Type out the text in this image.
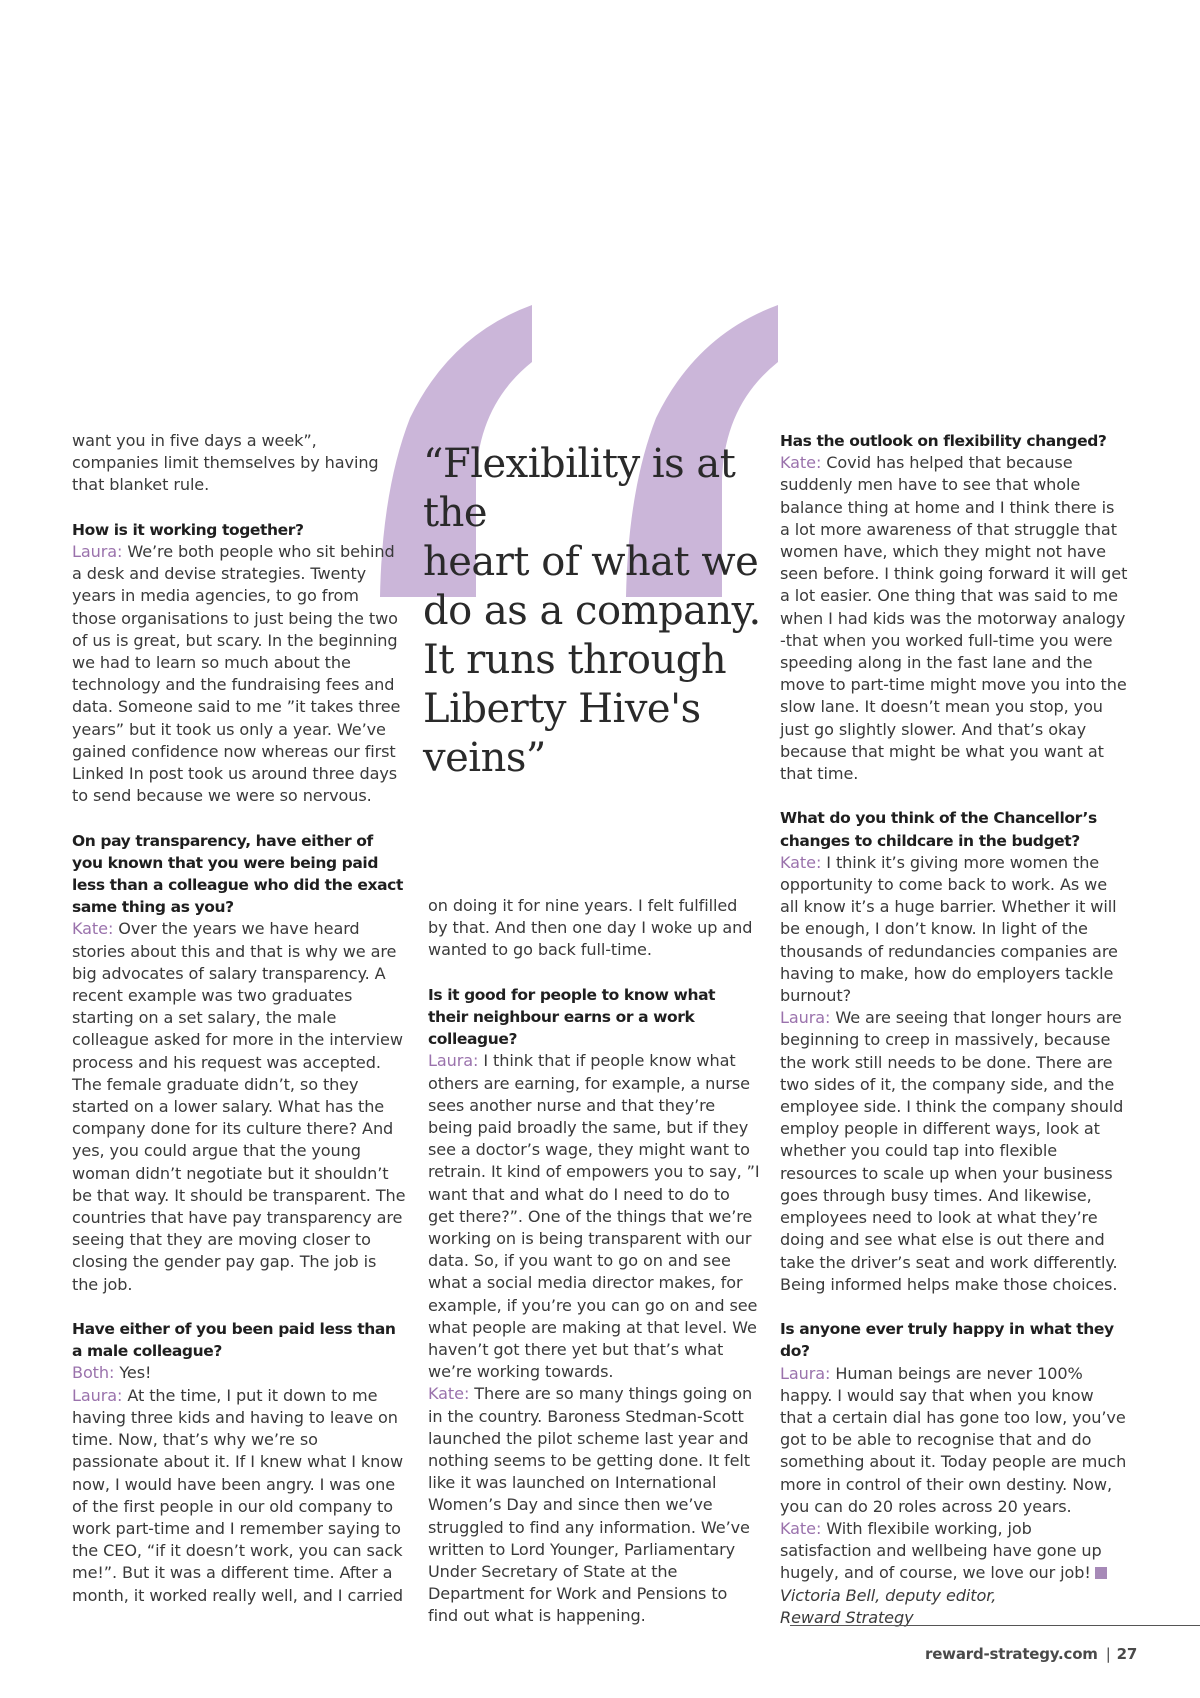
“Flexibility is at the
heart of what we
do as a company.
It runs through
Liberty Hive's veins”

want you in five days a week”, companies limit themselves by having that blanket rule.

How is it working together?

Laura: We’re both people who sit behind a desk and devise strategies. Twenty years in media agencies, to go from those organisations to just being the two of us is great, but scary. In the beginning we had to learn so much about the technology and the fundraising fees and data. Someone said to me ”it takes three years” but it took us only a year. We’ve gained confidence now whereas our first Linked In post took us around three days to send because we were so nervous.

On pay transparency, have either of you known that you were being paid less than a colleague who did the exact same thing as you?

Kate: Over the years we have heard stories about this and that is why we are big advocates of salary transparency. A recent example was two graduates starting on a set salary, the male colleague asked for more in the interview process and his request was accepted. The female graduate didn’t, so they started on a lower salary. What has the company done for its culture there? And yes, you could argue that the young woman didn’t negotiate but it shouldn’t be that way. It should be transparent. The countries that have pay transparency are seeing that they are moving closer to closing the gender pay gap. The job is the job.

Have either of you been paid less than a male colleague?

Both: Yes!

Laura: At the time, I put it down to me having three kids and having to leave on time. Now, that’s why we’re so passionate about it. If I knew what I know now, I would have been angry. I was one of the first people in our old company to work part-time and I remember saying to the CEO, “if it doesn’t work, you can sack me!”. But it was a different time. After a month, it worked really well, and I carried

on doing it for nine years. I felt fulfilled by that. And then one day I woke up and wanted to go back full-time.

Is it good for people to know what their neighbour earns or a work colleague?

Laura: I think that if people know what others are earning, for example, a nurse sees another nurse and that they’re being paid broadly the same, but if they see a doctor’s wage, they might want to retrain. It kind of empowers you to say, ”I want that and what do I need to do to get there?”. One of the things that we’re working on is being transparent with our data. So, if you want to go on and see what a social media director makes, for example, if you’re you can go on and see what people are making at that level. We haven’t got there yet but that’s what we’re working towards.

Kate: There are so many things going on in the country. Baroness Stedman-Scott launched the pilot scheme last year and nothing seems to be getting done. It felt like it was launched on International Women’s Day and since then we’ve struggled to find any information. We’ve written to Lord Younger, Parliamentary Under Secretary of State at the Department for Work and Pensions to find out what is happening.

Has the outlook on flexibility changed?

Kate: Covid has helped that because suddenly men have to see that whole balance thing at home and I think there is a lot more awareness of that struggle that women have, which they might not have seen before. I think going forward it will get a lot easier. One thing that was said to me when I had kids was the motorway analogy -that when you worked full-time you were speeding along in the fast lane and the move to part-time might move you into the slow lane. It doesn’t mean you stop, you just go slightly slower. And that’s okay because that might be what you want at that time.

What do you think of the Chancellor’s changes to childcare in the budget?

Kate: I think it’s giving more women the opportunity to come back to work. As we all know it’s a huge barrier. Whether it will be enough, I don’t know. In light of the thousands of redundancies companies are having to make, how do employers tackle burnout?

Laura: We are seeing that longer hours are beginning to creep in massively, because the work still needs to be done. There are two sides of it, the company side, and the employee side. I think the company should employ people in different ways, look at whether you could tap into flexible resources to scale up when your business goes through busy times. And likewise, employees need to look at what they’re doing and see what else is out there and take the driver’s seat and work differently. Being informed helps make those choices.

Is anyone ever truly happy in what they do?

Laura: Human beings are never 100% happy. I would say that when you know that a certain dial has gone too low, you’ve got to be able to recognise that and do something about it. Today people are much more in control of their own destiny. Now, you can do 20 roles across 20 years.

Kate: With flexibile working, job satisfaction and wellbeing have gone up hugely, and of course, we love our job!

Victoria Bell, deputy editor,

Reward Strategy

reward-strategy.com | 27
